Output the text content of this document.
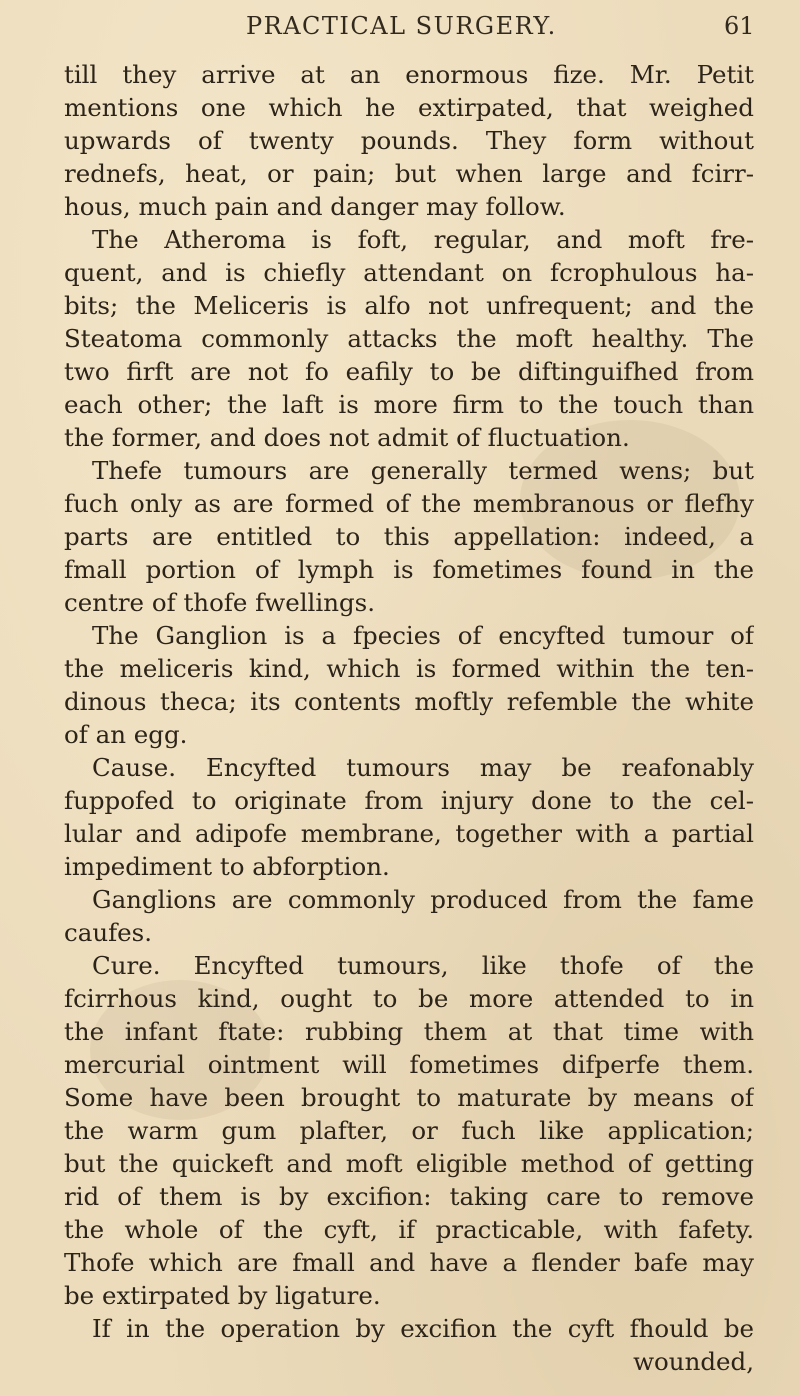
PRACTICAL SURGERY.	61
till they arrive at an enormous fize. Mr. Petit
mentions one which he extirpated, that weighed
upwards of twenty pounds. They form without
rednefs, heat, or pain; but when large and fcirr-
hous, much pain and danger may follow.
The Atheroma is foft, regular, and moft fre-
quent, and is chiefly attendant on fcrophulous ha-
bits; the Meliceris is alfo not unfrequent; and the
Steatoma commonly attacks the moft healthy. The
two firft are not fo eafily to be diftinguifhed from
each other; the laft is more firm to the touch than
the former, and does not admit of fluctuation.
Thefe tumours are generally termed wens; but
fuch only as are formed of the membranous or flefhy
parts are entitled to this appellation: indeed, a
fmall portion of lymph is fometimes found in the
centre of thofe fwellings.
The Ganglion is a fpecies of encyfted tumour of
the meliceris kind, which is formed within the ten-
dinous theca; its contents moftly refemble the white
of an egg.
Cause. Encyfted tumours may be reafonably
fuppofed to originate from injury done to the cel-
lular and adipofe membrane, together with a partial
impediment to abforption.
Ganglions are commonly produced from the fame
caufes.
Cure. Encyfted tumours, like thofe of the
fcirrhous kind, ought to be more attended to in
the infant ftate: rubbing them at that time with
mercurial ointment will fometimes difperfe them.
Some have been brought to maturate by means of
the warm gum plafter, or fuch like application;
but the quickeft and moft eligible method of getting
rid of them is by excifion: taking care to remove
the whole of the cyft, if practicable, with fafety.
Thofe which are fmall and have a flender bafe may
be extirpated by ligature.
If in the operation by excifion the cyft fhould be
wounded,
